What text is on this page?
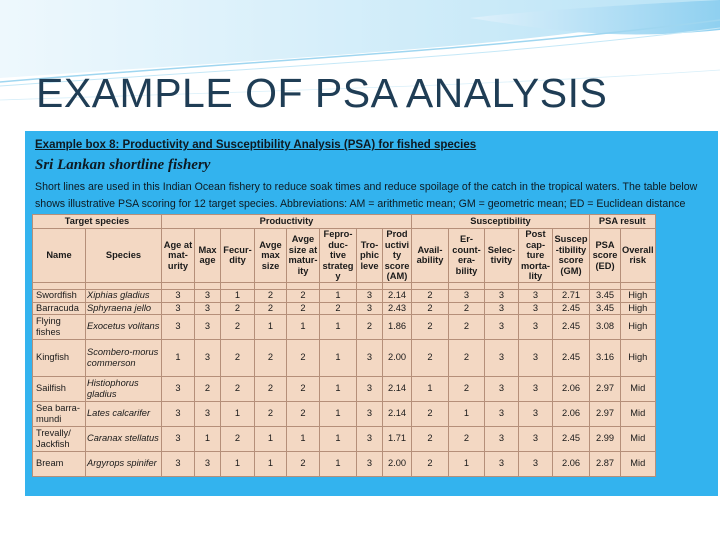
EXAMPLE OF PSA ANALYSIS
Example box 8: Productivity and Susceptibility Analysis (PSA) for fished species
Sri Lankan shortline fishery
Short lines are used in this Indian Ocean fishery to reduce soak times and reduce spoilage of the catch in the tropical waters. The table below shows illustrative PSA scoring for 12 target species. Abbreviations: AM = arithmetic mean; GM = geometric mean; ED = Euclidean distance
Target species		Productivity								Susceptibility					PSA result	
Name	Species	Age at mat-urity	Max age	Fecur-dity	Avge max size	Avge size at matur-ity	Fepro-duc-tive strateg y	Tro-phic leve	Prod uctivi ty score (AM)	Avail-ability	Er-count-era-bility	Selec-tivity	Post cap-ture morta-lity	Suscep -tibility score (GM)	PSA score (ED)	Overall risk

Swordfish	Xiphias gladius	3	3	1	2	2	1	3	2.14	2	3	3	3	2.71	3.45	High
Barracuda	Sphyraena jello	3	3	2	2	2	2	3	2.43	2	2	3	3	2.45	3.45	High
Flying fishes	Exocetus volitans	3	3	2	1	1	1	2	1.86	2	2	3	3	2.45	3.08	High
Kingfish	Scombero-morus commerson	1	3	2	2	2	1	3	2.00	2	2	3	3	2.45	3.16	High
Sailfish	Histiophorus gladius	3	2	2	2	2	1	3	2.14	1	2	3	3	2.06	2.97	Mid
Sea barra-mundi	Lates calcarifer	3	3	1	2	2	1	3	2.14	2	1	3	3	2.06	2.97	Mid
Trevally/ Jackfish	Caranax stellatus	3	1	2	1	1	1	3	1.71	2	2	3	3	2.45	2.99	Mid
Bream	Argyrops spinifer	3	3	1	1	2	1	3	2.00	2	1	3	3	2.06	2.87	Mid
